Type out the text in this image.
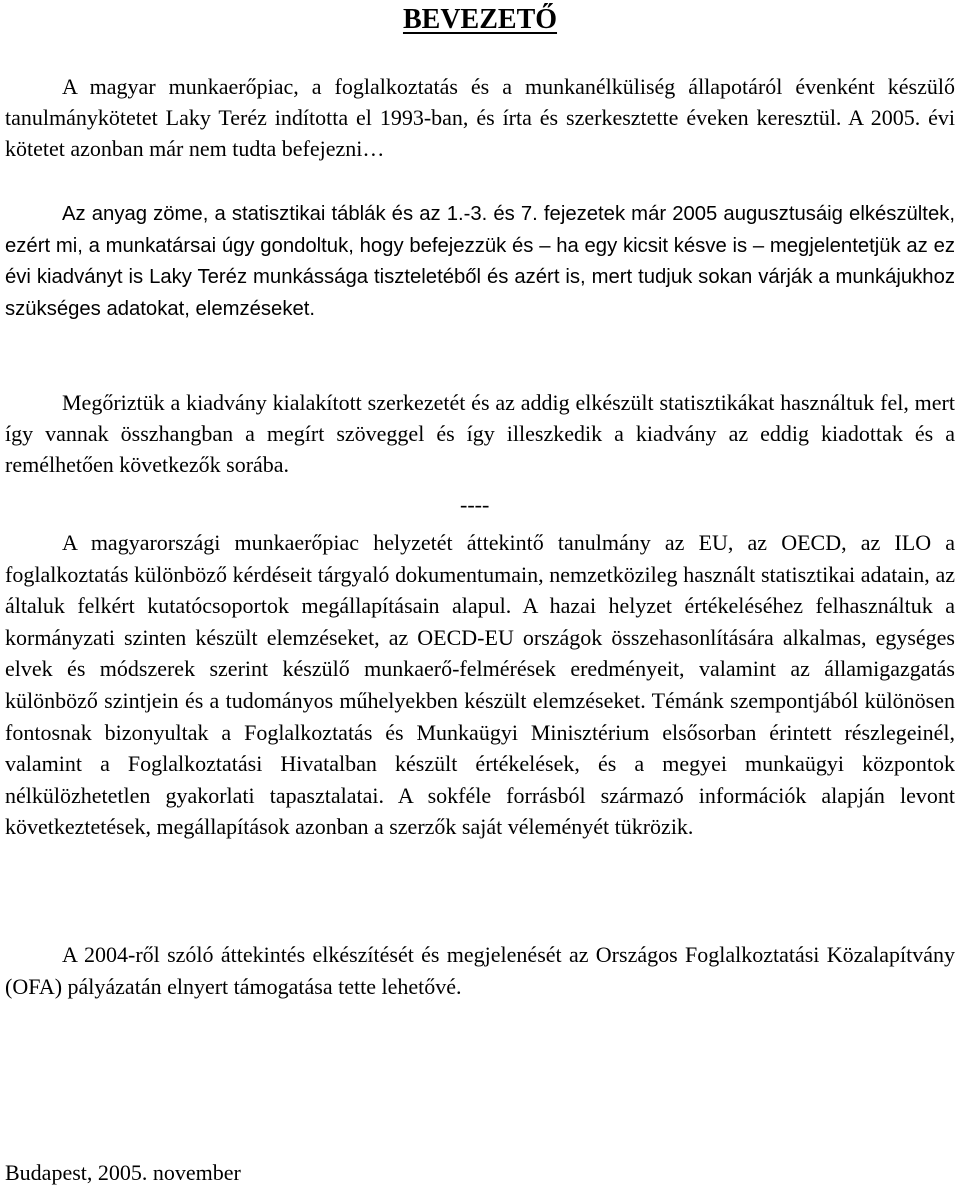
BEVEZETŐ

A magyar munkaerőpiac, a foglalkoztatás és a munkanélküliség állapotáról évenként készülő tanulmánykötetet Laky Teréz indította el 1993-ban, és írta és szerkesztette éveken keresztül. A 2005. évi kötetet azonban már nem tudta befejezni…

Az anyag zöme, a statisztikai táblák és az 1.-3. és 7. fejezetek már 2005 augusztusáig elkészültek, ezért mi, a munkatársai úgy gondoltuk, hogy befejezzük és – ha egy kicsit késve is – megjelentetjük az ez évi kiadványt is Laky Teréz munkássága tiszteletéből és azért is, mert tudjuk sokan várják a munkájukhoz szükséges adatokat, elemzéseket.

Megőriztük a kiadvány kialakított szerkezetét és az addig elkészült statisztikákat használtuk fel, mert így vannak összhangban a megírt szöveggel és így illeszkedik a kiadvány az eddig kiadottak és a remélhetően következők sorába.

----

A magyarországi munkaerőpiac helyzetét áttekintő tanulmány az EU, az OECD, az ILO a foglalkoztatás különböző kérdéseit tárgyaló dokumentumain, nemzetközileg használt statisztikai adatain, az általuk felkért kutatócsoportok megállapításain alapul. A hazai helyzet értékeléséhez felhasználtuk a kormányzati szinten készült elemzéseket, az OECD-EU országok összehasonlítására alkalmas, egységes elvek és módszerek szerint készülő munkaerő-felmérések eredményeit, valamint az államigazgatás különböző szintjein és a tudományos műhelyekben készült elemzéseket. Témánk szempontjából különösen fontosnak bizonyultak a Foglalkoztatás és Munkaügyi Minisztérium elsősorban érintett részlegeinél, valamint a Foglalkoztatási Hivatalban készült értékelések, és a megyei munkaügyi központok nélkülözhetetlen gyakorlati tapasztalatai. A sokféle forrásból származó információk alapján levont következtetések, megállapítások azonban a szerzők saját véleményét tükrözik.

A 2004-ről szóló áttekintés elkészítését és megjelenését az Országos Foglalkoztatási Közalapítvány (OFA) pályázatán elnyert támogatása tette lehetővé.

Budapest, 2005. november
